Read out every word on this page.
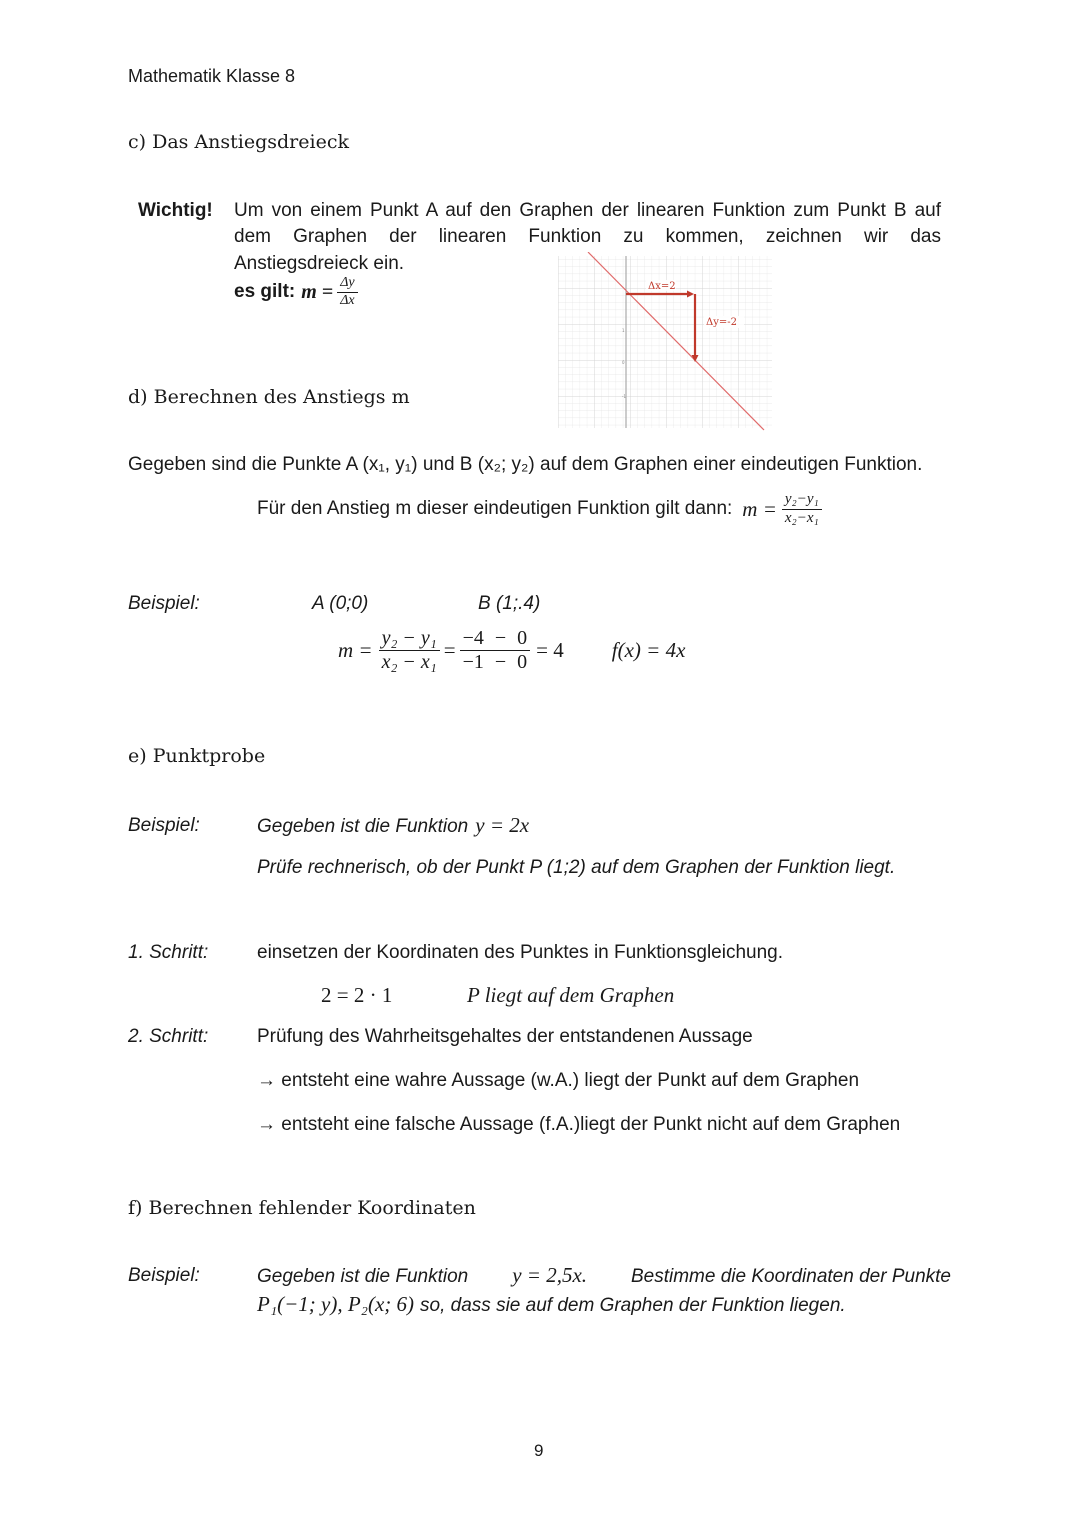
Mathematik Klasse 8
c) Das Anstiegsdreieck
Wichtig! Um von einem Punkt A auf den Graphen der linearen Funktion zum Punkt B auf
dem Graphen der linearen Funktion zu kommen, zeichnen wir das
Anstiegsdreieck ein.
es gilt: $m = \frac{\Delta y}{\Delta x}$
1
0
-1
Δx=2
Δy=-2
d) Berechnen des Anstiegs m
Gegeben sind die Punkte A (x₁, y₁) und B (x₂; y₂) auf dem Graphen einer eindeutigen Funktion.
Für den Anstieg m dieser eindeutigen Funktion gilt dann: $m = \frac{\text{y₂−y₁}}{\text{x₂−x₁}}$
Beispiel:	A (0;0)	B (1;.4)
$m = \frac{\text{y₂ − y₁}}{\text{x₂ − x₁}} = \frac{-4 - 0}{-1 - 0} = 4$ f(x) = 4x
e) Punktprobe
Beispiel:	Gegeben ist die Funktion y = 2x
Prüfe rechnerisch, ob der Punkt P (1;2) auf dem Graphen der Funktion liegt.
1. Schritt:	einsetzen der Koordinaten des Punktes in Funktionsgleichung.
2 = 2 · 1	P liegt auf dem Graphen
2. Schritt:	Prüfung des Wahrheitsgehaltes der entstandenen Aussage
→ entsteht eine wahre Aussage (w.A.) liegt der Punkt auf dem Graphen
→ entsteht eine falsche Aussage (f.A.)liegt der Punkt nicht auf dem Graphen
f) Berechnen fehlender Koordinaten
Beispiel:	Gegeben ist die Funktion y = 2,5x. Bestimme die Koordinaten der Punkte
P₁(−1; y), P₂(x; 6) so, dass sie auf dem Graphen der Funktion liegen.
9
